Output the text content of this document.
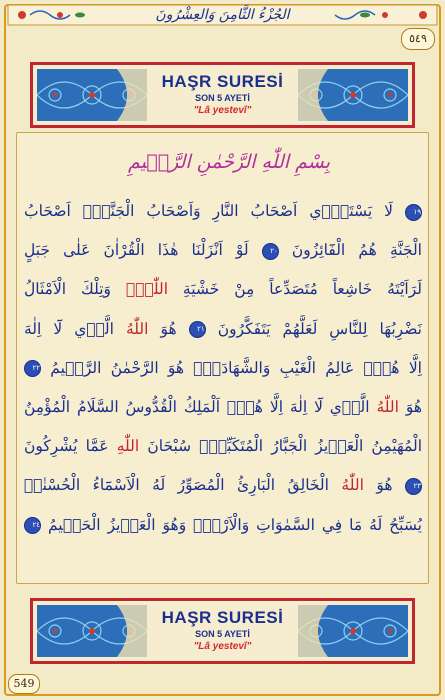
الجُزْءُ الثَّامِنَ وَالعِشْرُونَ
٥٤٩
HAŞR SURESİ
SON 5 AYETİ
"Lâ yestevî"
بِسْمِ اللّٰهِ الرَّحْمٰنِ الرَّح۪يمِ
١٩ لَا يَسْتَو۪ٓي اَصْحَابُ النَّارِ وَاَصْحَابُ الْجَنَّةِۜ اَصْحَابُ
الْجَنَّةِ هُمُ الْفَٓائِزُونَ ٢٠ لَوْ اَنْزَلْنَا هٰذَا الْقُرْاٰنَ عَلٰى جَبَلٍ
لَرَاَيْتَهُ خَاشِعاً مُتَصَدِّعاً مِنْ خَشْيَةِ اللّٰهِۜ وَتِلْكَ الْاَمْثَالُ
نَضْرِبُهَا لِلنَّاسِ لَعَلَّهُمْ يَتَفَكَّرُونَ ٢١ هُوَ اللّٰهُ الَّذ۪ي لَٓا اِلٰهَ
اِلَّا هُوَۚ عَالِمُ الْغَيْبِ وَالشَّهَادَةِۚ هُوَ الرَّحْمٰنُ الرَّح۪يمُ ٢٢
هُوَ اللّٰهُ الَّذ۪ي لَٓا اِلٰهَ اِلَّا هُوَۚ اَلْمَلِكُ الْقُدُّوسُ السَّلَامُ الْمُؤْمِنُ
الْمُهَيْمِنُ الْعَز۪يزُ الْجَبَّارُ الْمُتَكَبِّرُۜ سُبْحَانَ اللّٰهِ عَمَّا يُشْرِكُونَ
٢٣ هُوَ اللّٰهُ الْخَالِقُ الْبَارِئُ الْمُصَوِّرُ لَهُ الْاَسْمَٓاءُ الْحُسْنٰىۜ
يُسَبِّحُ لَهُ مَا فِي السَّمٰوَاتِ وَالْاَرْضِۚ وَهُوَ الْعَز۪يزُ الْحَك۪يمُ ٢٤
HAŞR SURESİ
SON 5 AYETİ
"Lâ yestevî"
549
